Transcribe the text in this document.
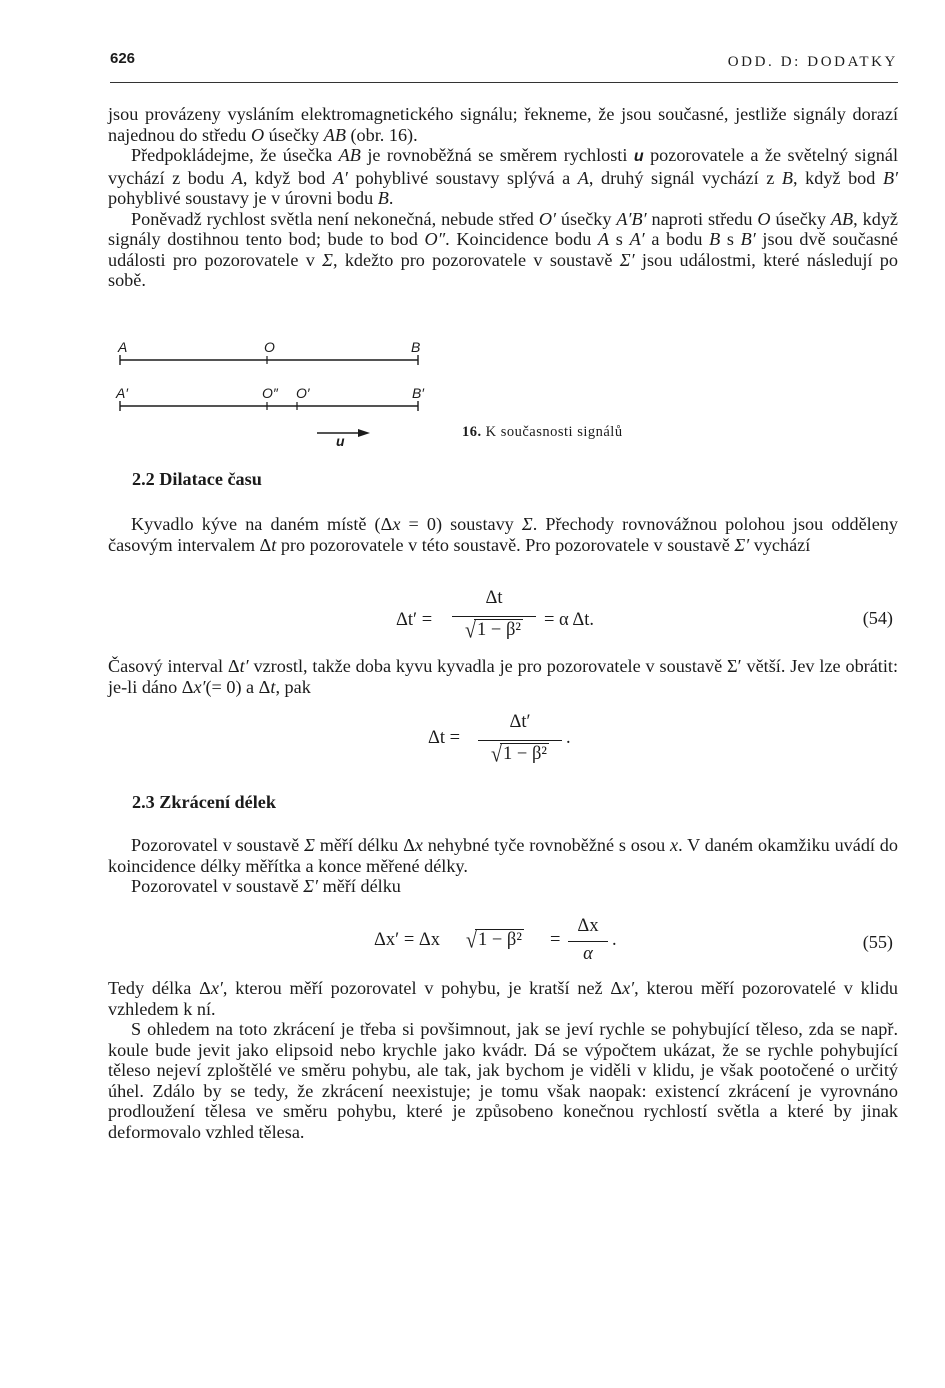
626	ODD. D: DODATKY

jsou provázeny vysláním elektromagnetického signálu; řekneme, že jsou současné, jestliže signály dorazí najednou do středu O úsečky AB (obr. 16).

Předpokládejme, že úsečka AB je rovnoběžná se směrem rychlosti u pozorovatele a že světelný signál vychází z bodu A, když bod A′ pohyblivé soustavy splývá a A, druhý signál vychází z B, když bod B′ pohyblivé soustavy je v úrovni bodu B.

Poněvadž rychlost světla není nekonečná, nebude střed O′ úsečky A′B′ naproti středu O úsečky AB, když signály dostihnou tento bod; bude to bod O″. Koincidence bodu A s A′ a bodu B s B′ jsou dvě současné události pro pozorovatele v Σ, kdežto pro pozorovatele v soustavě Σ′ jsou událostmi, které následují po sobě.

A	O	B
A′	O″ O′	B′
u
16. K současnosti signálů
2.2 Dilatace času

Kyvadlo kýve na daném místě (Δx = 0) soustavy Σ. Přechody rovnovážnou polohou jsou odděleny časovým intervalem Δt pro pozorovatele v této soustavě. Pro pozorovatele v soustavě Σ′ vychází

Δt′ =
Δt
√ 1 − β²	= α Δt.	(54)

Časový interval Δt′ vzrostl, takže doba kyvu kyvadla je pro pozorovatele v soustavě Σ′ větší. Jev lze obrátit: je-li dáno Δx′(= 0) a Δt, pak

Δt =
Δt′
√ 1 − β²
.
2.3 Zkrácení délek

Pozorovatel v soustavě Σ měří délku Δx nehybné tyče rovnoběžné s osou x. V daném okamžiku uvádí do koincidence délky měřítka a konce měřené délky.

Pozorovatel v soustavě Σ′ měří délku

Δx′ = Δx √ 1 − β² =
Δx
α
.	(55)

Tedy délka Δx′, kterou měří pozorovatel v pohybu, je kratší než Δx′, kterou měří pozorovatelé v klidu vzhledem k ní.

S ohledem na toto zkrácení je třeba si povšimnout, jak se jeví rychle se pohybující těleso, zda se např. koule bude jevit jako elipsoid nebo krychle jako kvádr. Dá se výpočtem ukázat, že se rychle pohybující těleso nejeví zploštělé ve směru pohybu, ale tak, jak bychom je viděli v klidu, je však pootočené o určitý úhel. Zdálo by se tedy, že zkrácení neexistuje; je tomu však naopak: existencí zkrácení je vyrovnáno prodloužení tělesa ve směru pohybu, které je způsobeno konečnou rychlostí světla a které by jinak deformovalo vzhled tělesa.
